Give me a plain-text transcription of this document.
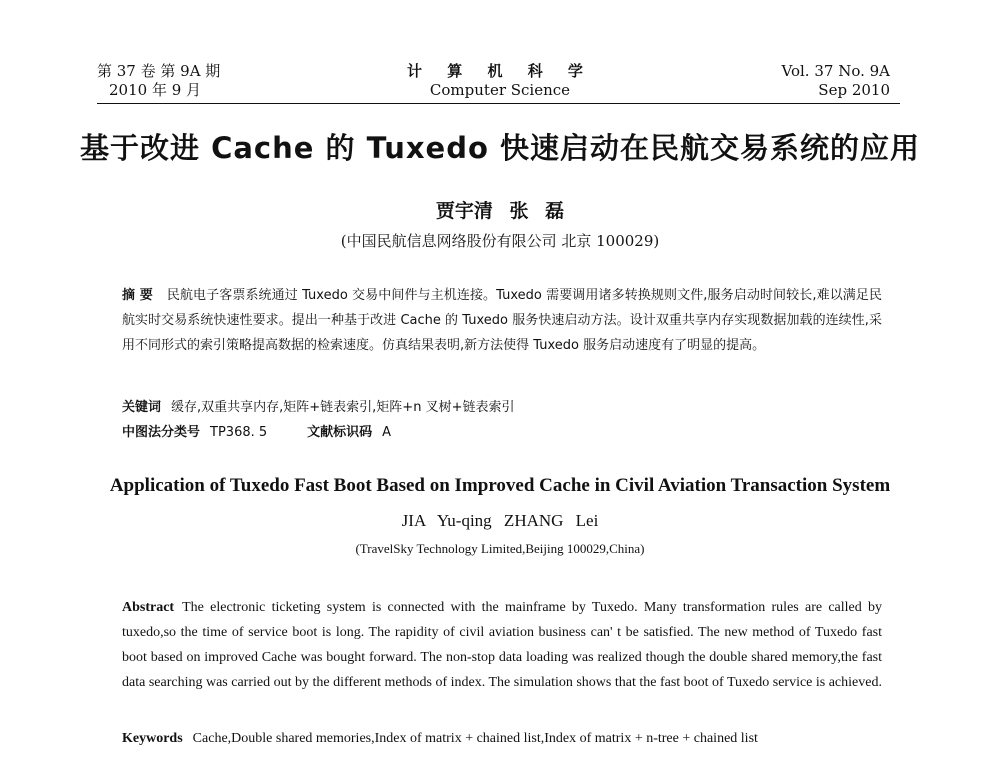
第 37 卷 第 9A 期
2010 年 9 月
计 算 机 科 学
Computer Science
Vol. 37 No. 9A
Sep 2010
基于改进 Cache 的 Tuxedo 快速启动在民航交易系统的应用
贾宇清 张 磊
(中国民航信息网络股份有限公司 北京 100029)
摘 要 民航电子客票系统通过 Tuxedo 交易中间件与主机连接。Tuxedo 需要调用诸多转换规则文件,服务启动时间较长,难以满足民航实时交易系统快速性要求。提出一种基于改进 Cache 的 Tuxedo 服务快速启动方法。设计双重共享内存实现数据加载的连续性,采用不同形式的索引策略提高数据的检索速度。仿真结果表明,新方法使得 Tuxedo 服务启动速度有了明显的提高。
关键词 缓存,双重共享内存,矩阵+链表索引,矩阵+n 叉树+链表索引
中图法分类号 TP368. 5	文献标识码 A
Application of Tuxedo Fast Boot Based on Improved Cache in Civil Aviation Transaction System
JIA Yu-qing ZHANG Lei
(TravelSky Technology Limited,Beijing 100029,China)
Abstract The electronic ticketing system is connected with the mainframe by Tuxedo. Many transformation rules are called by tuxedo,so the time of service boot is long. The rapidity of civil aviation business can' t be satisfied. The new method of Tuxedo fast boot based on improved Cache was bought forward. The non-stop data loading was realized though the double shared memory,the fast data searching was carried out by the different methods of index. The simulation shows that the fast boot of Tuxedo service is achieved.
Keywords Cache,Double shared memories,Index of matrix + chained list,Index of matrix + n-tree + chained list
